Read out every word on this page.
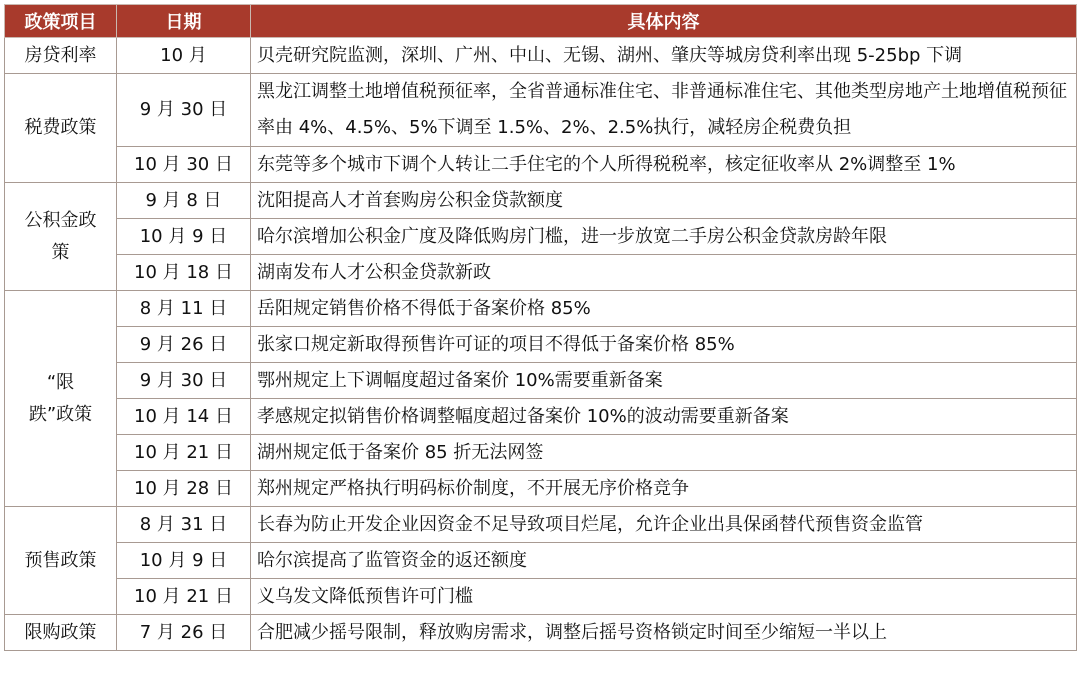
政策项目	日期	具体内容
房贷利率	10 月	贝壳研究院监测，深圳、广州、中山、无锡、湖州、肇庆等城房贷利率出现 5-25bp 下调
税费政策	9 月 30 日	黑龙江调整土地增值税预征率，全省普通标准住宅、非普通标准住宅、其他类型房地产土地增值税预征率由 4%、4.5%、5%下调至 1.5%、2%、2.5%执行，减轻房企税费负担
	10 月 30 日	东莞等多个城市下调个人转让二手住宅的个人所得税税率，核定征收率从 2%调整至 1%
公积金政策	9 月 8 日	沈阳提高人才首套购房公积金贷款额度
	10 月 9 日	哈尔滨增加公积金广度及降低购房门槛，进一步放宽二手房公积金贷款房龄年限
	10 月 18 日	湖南发布人才公积金贷款新政
“限跌”政策	8 月 11 日	岳阳规定销售价格不得低于备案价格 85%
	9 月 26 日	张家口规定新取得预售许可证的项目不得低于备案价格 85%
	9 月 30 日	鄂州规定上下调幅度超过备案价 10%需要重新备案
	10 月 14 日	孝感规定拟销售价格调整幅度超过备案价 10%的波动需要重新备案
	10 月 21 日	湖州规定低于备案价 85 折无法网签
	10 月 28 日	郑州规定严格执行明码标价制度，不开展无序价格竞争
预售政策	8 月 31 日	长春为防止开发企业因资金不足导致项目烂尾，允许企业出具保函替代预售资金监管
	10 月 9 日	哈尔滨提高了监管资金的返还额度
	10 月 21 日	义乌发文降低预售许可门槛
限购政策	7 月 26 日	合肥减少摇号限制，释放购房需求，调整后摇号资格锁定时间至少缩短一半以上
